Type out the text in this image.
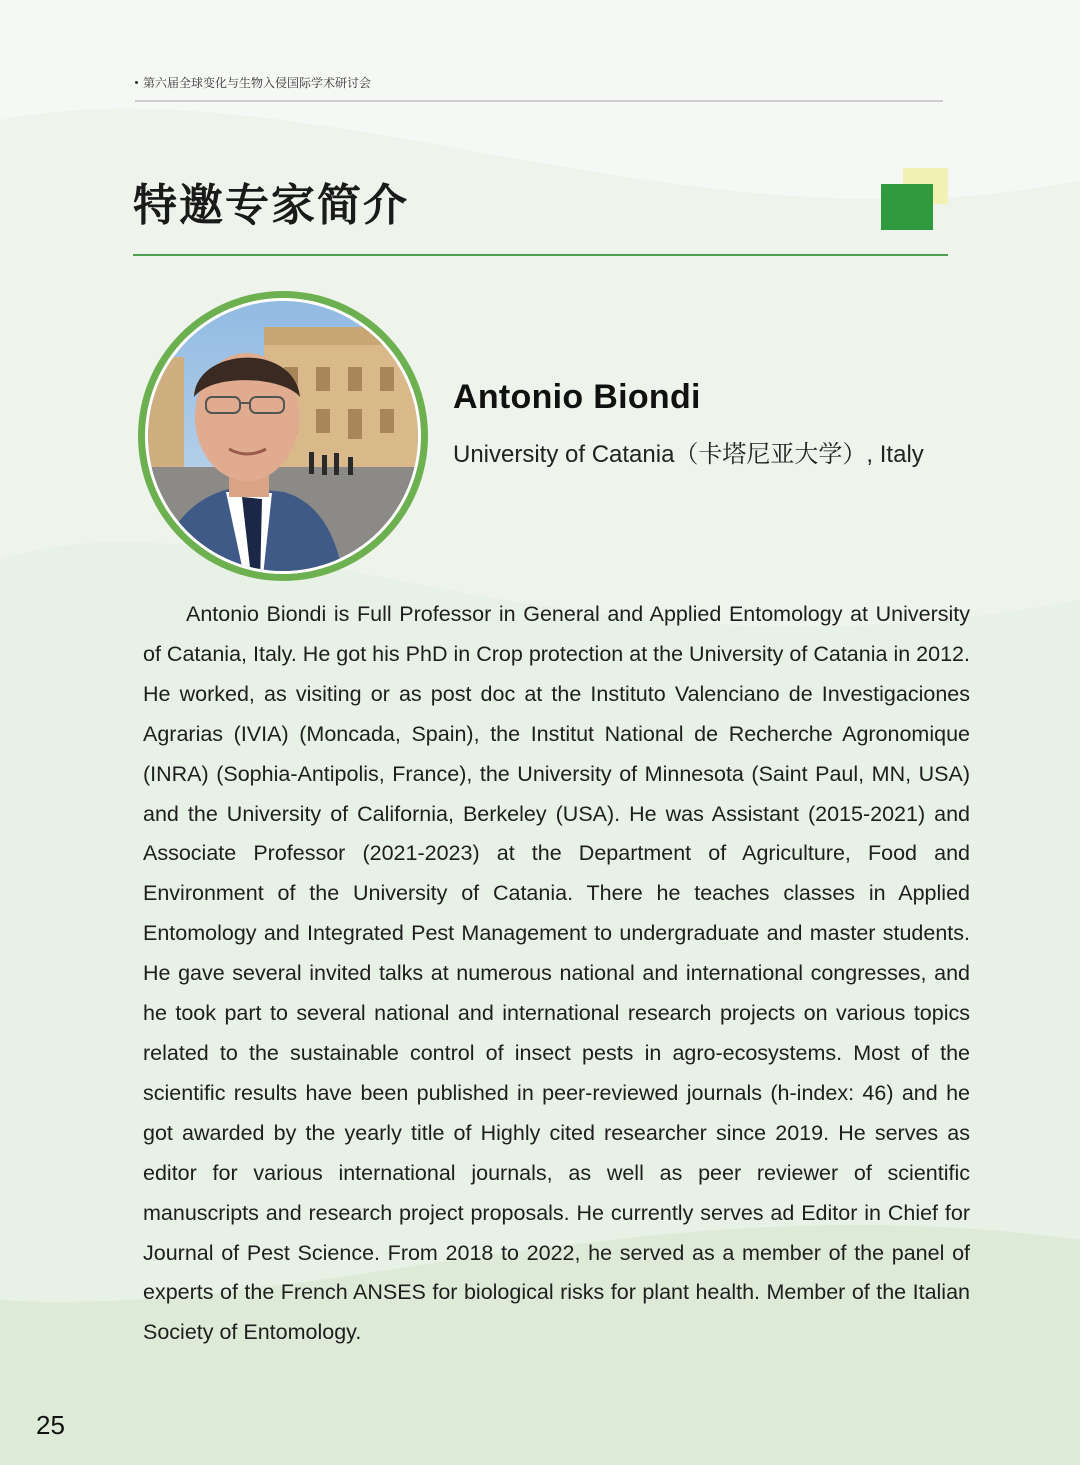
第六届全球变化与生物入侵国际学术研讨会
特邀专家简介
Antonio Biondi
University of Catania（卡塔尼亚大学）, Italy
Antonio Biondi is Full Professor in General and Applied Entomology at University of Catania, Italy. He got his PhD in Crop protection at the University of Catania in 2012. He worked, as visiting or as post doc at the Instituto Valenciano de Investigaciones Agrarias (IVIA) (Moncada, Spain), the Institut National de Recherche Agronomique (INRA) (Sophia-Antipolis, France), the University of Minnesota (Saint Paul, MN, USA) and the University of California, Berkeley (USA). He was Assistant (2015-2021) and Associate Professor (2021-2023) at the Department of Agriculture, Food and Environment of the University of Catania. There he teaches classes in Applied Entomology and Integrated Pest Management to undergraduate and master students. He gave several invited talks at numerous national and international congresses, and he took part to several national and international research projects on various topics related to the sustainable control of insect pests in agro-ecosystems. Most of the scientific results have been published in peer-reviewed journals (h-index: 46) and he got awarded by the yearly title of Highly cited researcher since 2019. He serves as editor for various international journals, as well as peer reviewer of scientific manuscripts and research project proposals. He currently serves ad Editor in Chief for Journal of Pest Science. From 2018 to 2022, he served as a member of the panel of experts of the French ANSES for biological risks for plant health. Member of the Italian Society of Entomology.
25
